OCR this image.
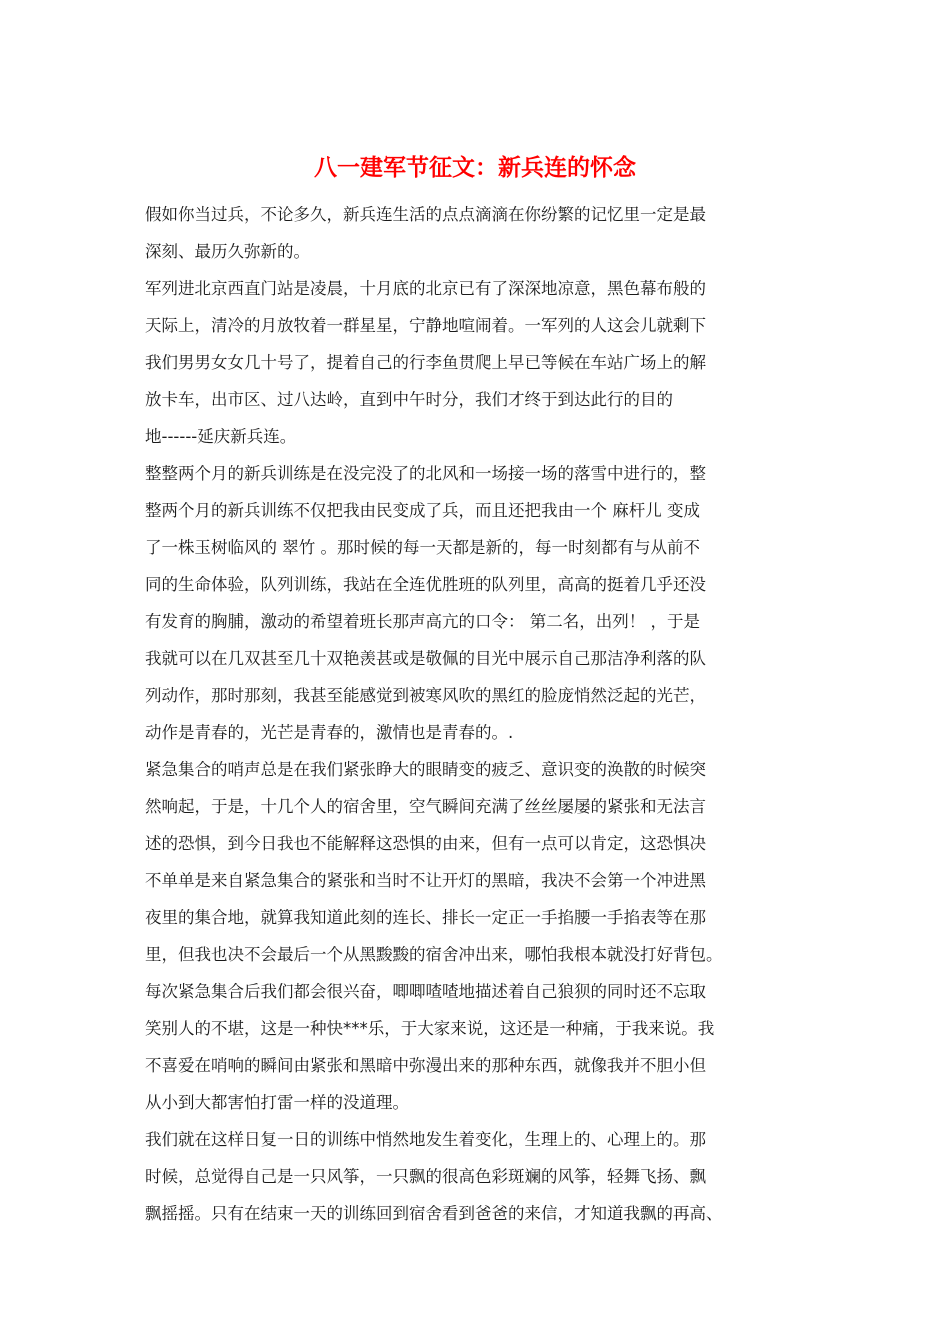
八一建军节征文：新兵连的怀念
假如你当过兵，不论多久，新兵连生活的点点滴滴在你纷繁的记忆里一定是最
深刻、最历久弥新的。
军列进北京西直门站是凌晨，十月底的北京已有了深深地凉意，黑色幕布般的
天际上，清冷的月放牧着一群星星，宁静地喧闹着。一军列的人这会儿就剩下
我们男男女女几十号了，提着自己的行李鱼贯爬上早已等候在车站广场上的解
放卡车，出市区、过八达岭，直到中午时分，我们才终于到达此行的目的
地------延庆新兵连。
整整两个月的新兵训练是在没完没了的北风和一场接一场的落雪中进行的，整
整两个月的新兵训练不仅把我由民变成了兵，而且还把我由一个 麻杆儿 变成
了一株玉树临风的 翠竹 。那时候的每一天都是新的，每一时刻都有与从前不
同的生命体验，队列训练，我站在全连优胜班的队列里，高高的挺着几乎还没
有发育的胸脯，激动的希望着班长那声高亢的口令： 第二名，出列！ ，于是
我就可以在几双甚至几十双艳羡甚或是敬佩的目光中展示自己那洁净利落的队
列动作，那时那刻，我甚至能感觉到被寒风吹的黑红的脸庞悄然泛起的光芒，
动作是青春的，光芒是青春的，激情也是青春的。.
紧急集合的哨声总是在我们紧张睁大的眼睛变的疲乏、意识变的涣散的时候突
然响起，于是，十几个人的宿舍里，空气瞬间充满了丝丝屡屡的紧张和无法言
述的恐惧，到今日我也不能解释这恐惧的由来，但有一点可以肯定，这恐惧决
不单单是来自紧急集合的紧张和当时不让开灯的黑暗，我决不会第一个冲进黑
夜里的集合地，就算我知道此刻的连长、排长一定正一手掐腰一手掐表等在那
里，但我也决不会最后一个从黑黢黢的宿舍冲出来，哪怕我根本就没打好背包。
每次紧急集合后我们都会很兴奋，唧唧喳喳地描述着自己狼狈的同时还不忘取
笑别人的不堪，这是一种快***乐，于大家来说，这还是一种痛，于我来说。我
不喜爱在哨响的瞬间由紧张和黑暗中弥漫出来的那种东西，就像我并不胆小但
从小到大都害怕打雷一样的没道理。
我们就在这样日复一日的训练中悄然地发生着变化，生理上的、心理上的。那
时候，总觉得自己是一只风筝，一只飘的很高色彩斑斓的风筝，轻舞飞扬、飘
飘摇摇。只有在结束一天的训练回到宿舍看到爸爸的来信，才知道我飘的再高、
